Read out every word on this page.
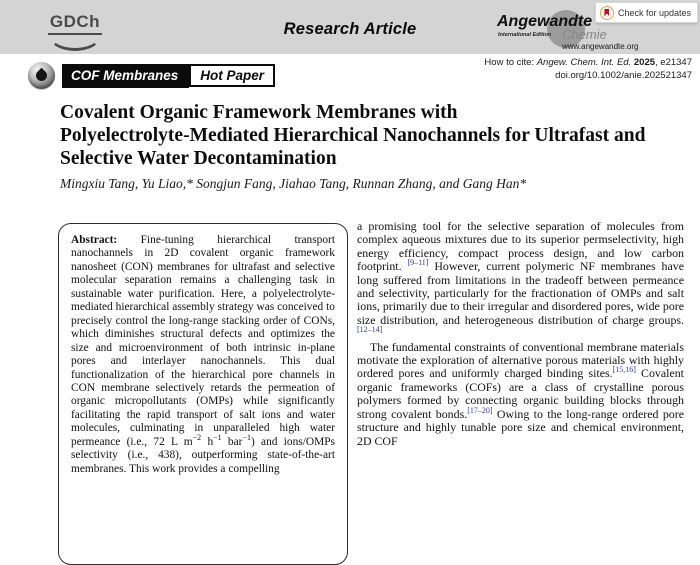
GDCh	Research Article	Angewandte
International Edition Chemie
www.angewandte.org
Check for updates
How to cite: Angew. Chem. Int. Ed. 2025, e21347
doi.org/10.1002/anie.202521347
COF Membranes	Hot Paper
Covalent Organic Framework Membranes with
Polyelectrolyte-Mediated Hierarchical Nanochannels for Ultrafast and
Selective Water Decontamination
Mingxiu Tang, Yu Liao,* Songjun Fang, Jiahao Tang, Runnan Zhang, and Gang Han*
Abstract: Fine-tuning hierarchical transport nanochannels in 2D covalent organic framework nanosheet (CON) membranes for ultrafast and selective molecular separation remains a challenging task in sustainable water purification. Here, a polyelectrolyte-mediated hierarchical assembly strategy was conceived to precisely control the long-range stacking order of CONs, which diminishes structural defects and optimizes the size and microenvironment of both intrinsic in-plane pores and interlayer nanochannels. This dual functionalization of the hierarchical pore channels in CON membrane selectively retards the permeation of organic micropollutants (OMPs) while significantly facilitating the rapid transport of salt ions and water molecules, culminating in unparalleled high water permeance (i.e., 72 L $m^{-2}$ $h^{-1}$ bar$^{-1}$) and ions/OMPs selectivity (i.e., 438), outperforming state-of-the-art membranes. This work provides a compelling

a promising tool for the selective separation of molecules from complex aqueous mixtures due to its superior permselectivity, high energy efficiency, compact process design, and low carbon footprint. [9–11] However, current polymeric NF membranes have long suffered from limitations in the tradeoff between permeance and selectivity, particularly for the fractionation of OMPs and salt ions, primarily due to their irregular and disordered pores, wide pore size distribution, and heterogeneous distribution of charge groups.[12–14]

The fundamental constraints of conventional membrane materials motivate the exploration of alternative porous materials with highly ordered pores and uniformly charged binding sites.[15,16] Covalent organic frameworks (COFs) are a class of crystalline porous polymers formed by connecting organic building blocks through strong covalent bonds.[17–20] Owing to the long-range ordered pore structure and highly tunable pore size and chemical environment, 2D COF
